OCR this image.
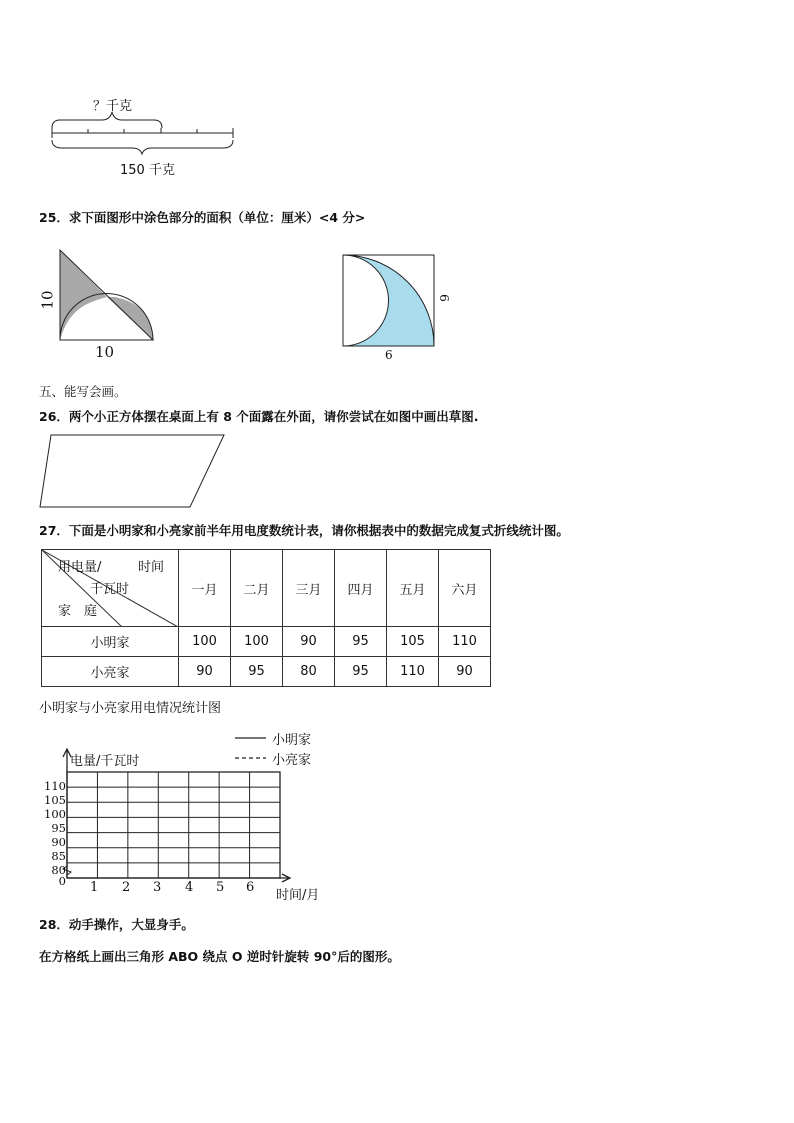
？千克
150 千克
25．求下面图形中涂色部分的面积（单位：厘米）<4 分>
10
10
6
6
五、能写会画。
26．两个小正方体摆在桌面上有 8 个面露在外面，请你尝试在如图中画出草图.
27．下面是小明家和小亮家前半年用电度数统计表，请你根据表中的数据完成复式折线统计图。
用电量/ 时间
千瓦时
家　庭	一月	二月	三月	四月	五月	六月
小明家	100	100	90	95	105	110
小亮家	90	95	80	95	110	90
小明家与小亮家用电情况统计图
小明家
小亮家
电量/千瓦时
110
105
100
95
90
85
80
0 1 2 3 4 5 6
时间/月
28．动手操作，大显身手。
在方格纸上画出三角形 ABO 绕点 O 逆时针旋转 90°后的图形。
